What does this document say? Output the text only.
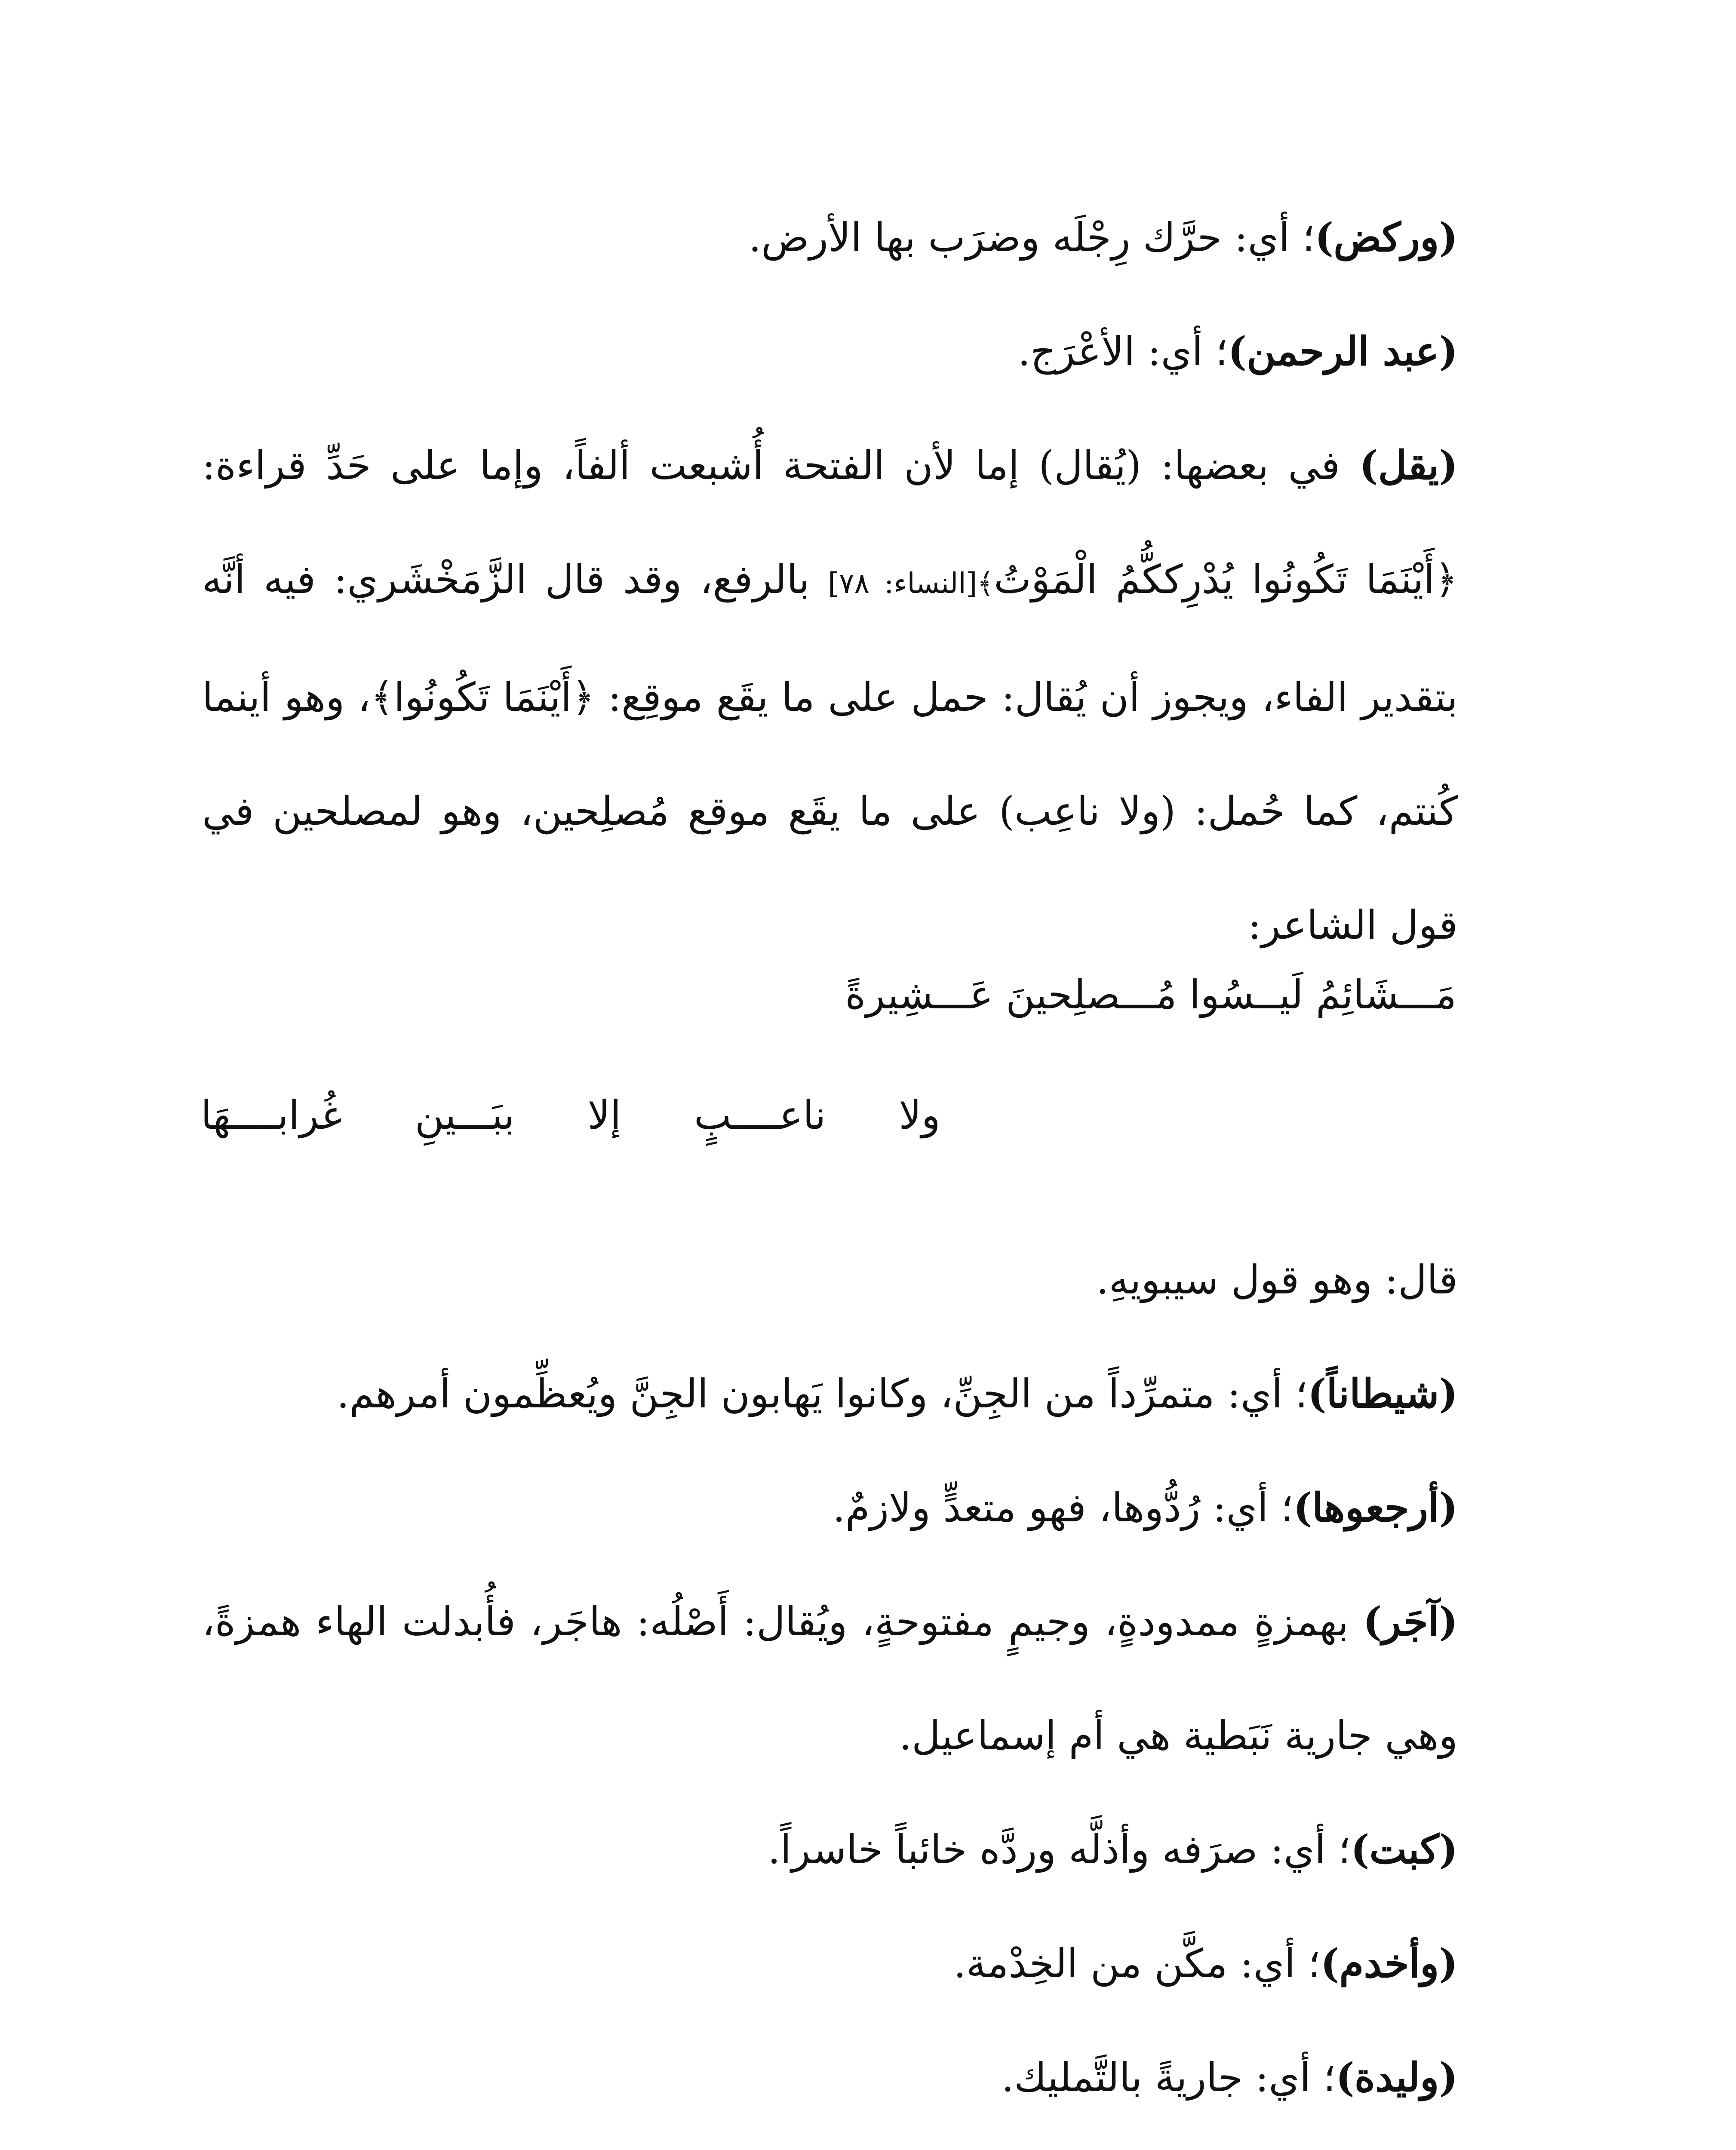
(وركض)؛ أي: حرَّك رِجْلَه وضرَب بها الأرض.

(عبد الرحمن)؛ أي: الأعْرَج.

(يقل) في بعضها: (يُقال) إما لأن الفتحة أُشبعت ألفاً، وإما على حَدِّ قراءة: ﴿أَيْنَمَا تَكُونُوا يُدْرِككُّمُ الْمَوْتُ﴾[النساء: ٧٨] بالرفع، وقد قال الزَّمَخْشَري: فيه أنَّه بتقدير الفاء، ويجوز أن يُقال: حمل على ما يقَع موقِع: ﴿أَيْنَمَا تَكُونُوا﴾، وهو أينما كُنتم، كما حُمل: (ولا ناعِب) على ما يقَع موقع مُصلِحين، وهو لمصلحين في قول الشاعر:

قال: وهو قول سيبويهِ.

(شيطاناً)؛ أي: متمرِّداً من الجِنِّ، وكانوا يَهابون الجِنَّ ويُعظِّمون أمرهم.

(أرجعوها)؛ أي: رُدُّوها، فهو متعدٍّ ولازمٌ.

(آجَر) بهمزةٍ ممدودةٍ، وجيمٍ مفتوحةٍ، ويُقال: أَصْلُه: هاجَر، فأُبدلت الهاء همزةً، وهي جارية نَبَطية هي أم إسماعيل.

(كبت)؛ أي: صرَفه وأذلَّه وردَّه خائباً خاسراً.

(وأخدم)؛ أي: مكَّن من الخِدْمة.

(وليدة)؛ أي: جاريةً بالتَّمليك.

مَـــشَائِمُ لَيــسُوا مُـــصلِحينَ عَـــشِيرةً
ولا ناعــــبٍ إلا ببَـــينِ غُرابــــهَا
